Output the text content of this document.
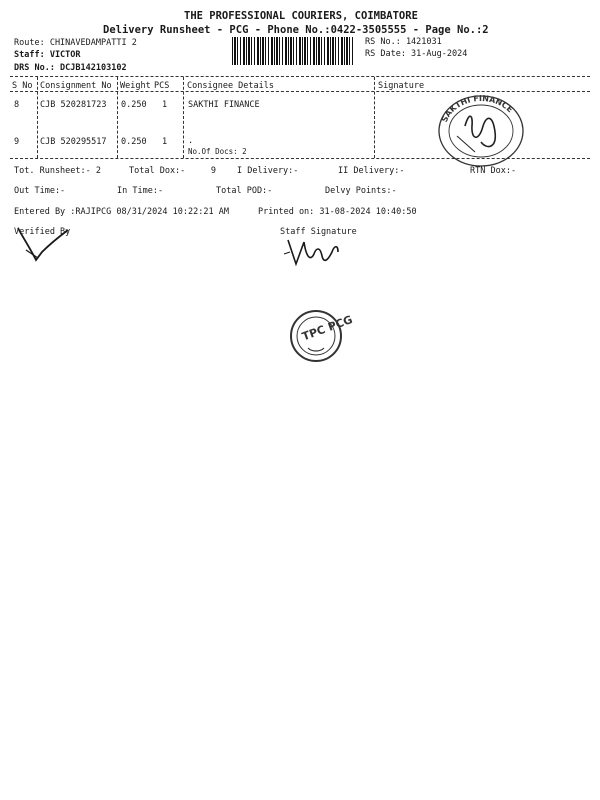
THE PROFESSIONAL COURIERS, COIMBATORE
Delivery Runsheet - PCG - Phone No.:0422-3505555 - Page No.:2
Route: CHINAVEDAMPATTI 2
Staff: VICTOR
DRS No.: DCJB142103102
RS No.: 1421031
RS Date: 31-Aug-2024
S No Consignment No Weight PCS Consignee Details	Signature
8 CJB 520281723 0.250 1 SAKTHI FINANCE
9 CJB 520295517 0.250 1 .
No.Of Docs: 2
SAKTHI FINANCE
Tot. Runsheet:- 2	Total Dox:-     9 I Delivery:-	II Delivery:-	RTN Dox:-
Out Time:-	In Time:-	Total POD:-	Delvy Points:-
Entered By :RAJIPCG 08/31/2024 10:22:21 AM	Printed on: 31-08-2024 10:40:50
Verified By	Staff Signature
TPC PCG
